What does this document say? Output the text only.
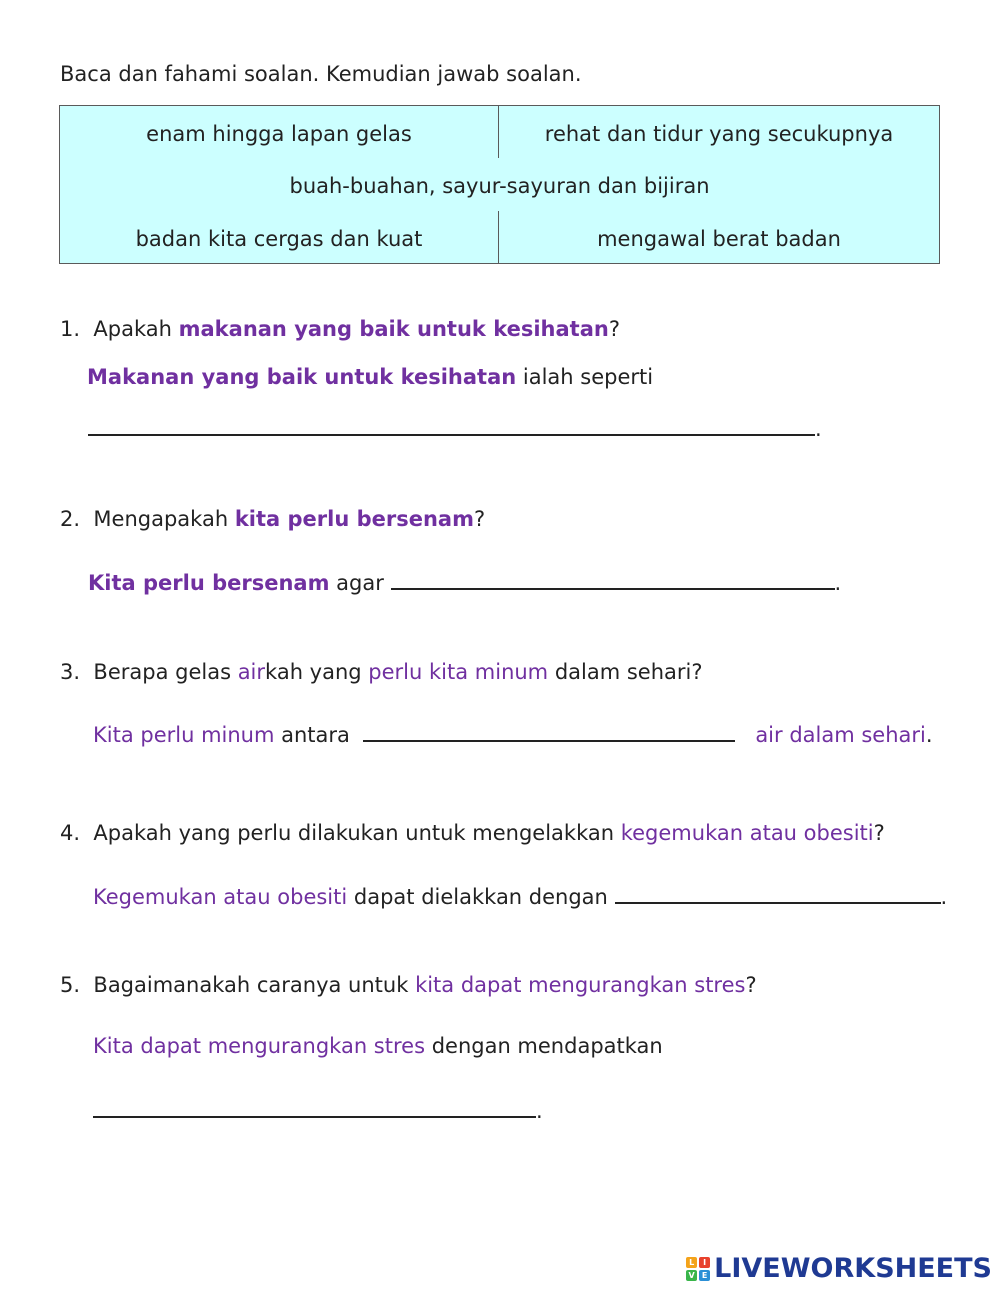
Baca dan fahami soalan. Kemudian jawab soalan.
enam hingga lapan gelas	rehat dan tidur yang secukupnya
buah-buahan, sayur-sayuran dan bijiran
badan kita cergas dan kuat	mengawal berat badan
1. Apakah makanan yang baik untuk kesihatan?
Makanan yang baik untuk kesihatan ialah seperti
.
2. Mengapakah kita perlu bersenam?
Kita perlu bersenam agar	.
3. Berapa gelas airkah yang perlu kita minum dalam sehari?
Kita perlu minum antara	air dalam sehari.
4. Apakah yang perlu dilakukan untuk mengelakkan kegemukan atau obesiti?
Kegemukan atau obesiti dapat dielakkan dengan	.
5. Bagaimanakah caranya untuk kita dapat mengurangkan stres?
Kita dapat mengurangkan stres dengan mendapatkan
.
L	I
V E LIVEWORKSHEETS
